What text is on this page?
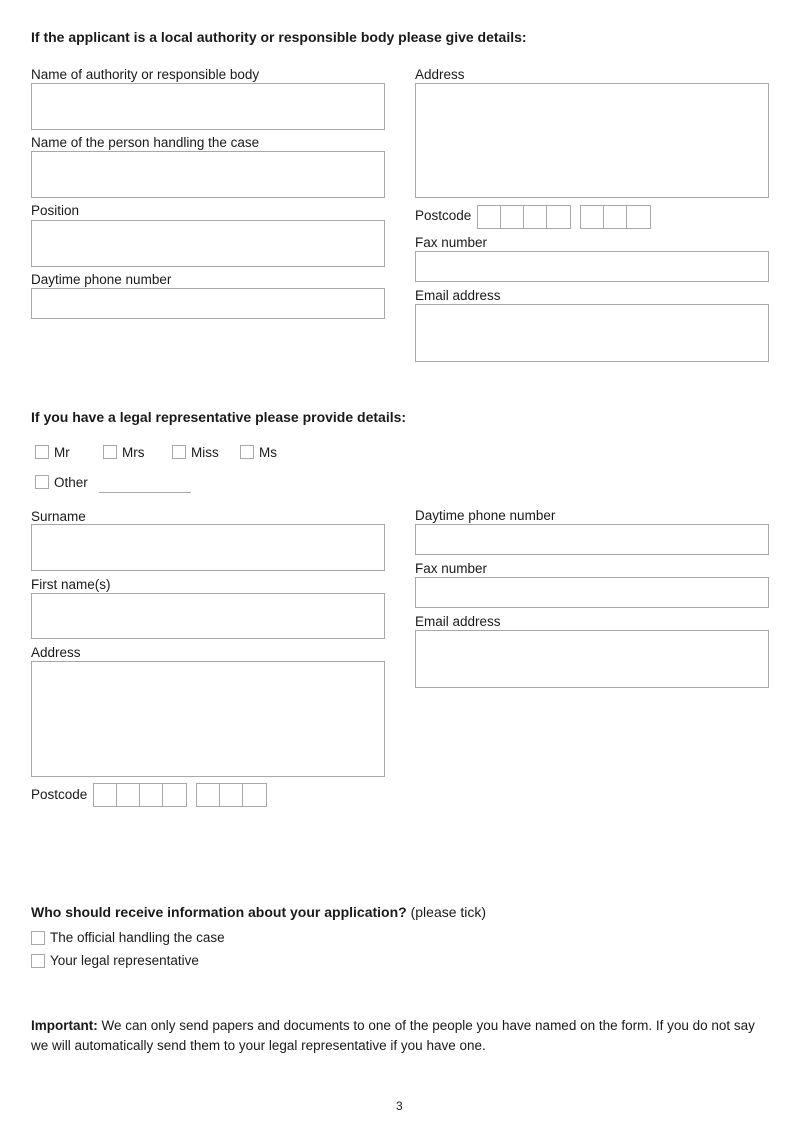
If the applicant is a local authority or responsible body please give details:
Name of authority or responsible body
Name of the person handling the case
Position
Daytime phone number
Address
Postcode
Fax number
Email address
If you have a legal representative please provide details:
Mr	Mrs	Miss	Ms
Other
Surname
First name(s)
Address
Postcode
Daytime phone number
Fax number
Email address
Who should receive information about your application? (please tick)
The official handling the case
Your legal representative
Important: We can only send papers and documents to one of the people you have named on the form. If you do not say we will automatically send them to your legal representative if you have one.
3
